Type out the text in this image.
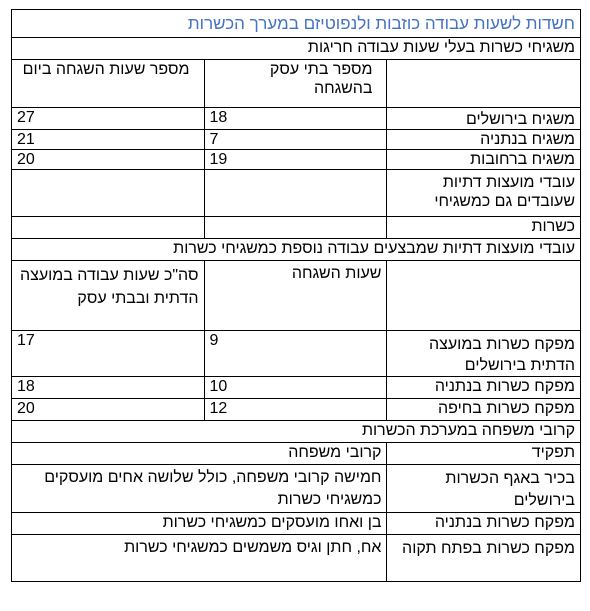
חשדות לשעות עבודה כוזבות ולנפוטיזם במערך הכשרות		
משגיחי כשרות בעלי שעות עבודה חריגות		
	מספר בתי עסק בהשגחה	מספר שעות השגחה ביום
משגיח בירושלים	18	27
משגיח בנתניה	7	21
משגיח ברחובות	19	20
עובדי מועצות דתיות שעובדים גם כמשגיחי		
כשרות		
עובדי מועצות דתיות שמבצעים עבודה נוספת כמשגיחי כשרות		
	שעות השגחה	סה"כ שעות עבודה במועצה הדתית ובבתי עסק
מפקח כשרות במועצה הדתית בירושלים	9	17
מפקח כשרות בנתניה	10	18
מפקח כשרות בחיפה	12	20
קרובי משפחה במערכת הכשרות		
תפקיד	קרובי משפחה	
בכיר באגף הכשרות בירושלים	חמישה קרובי משפחה, כולל שלושה אחים מועסקים כמשגיחי כשרות	
מפקח כשרות בנתניה	בן ואחו מועסקים כמשגיחי כשרות	
מפקח כשרות בפתח תקוה	אח, חתן וגיס משמשים כמשגיחי כשרות	
